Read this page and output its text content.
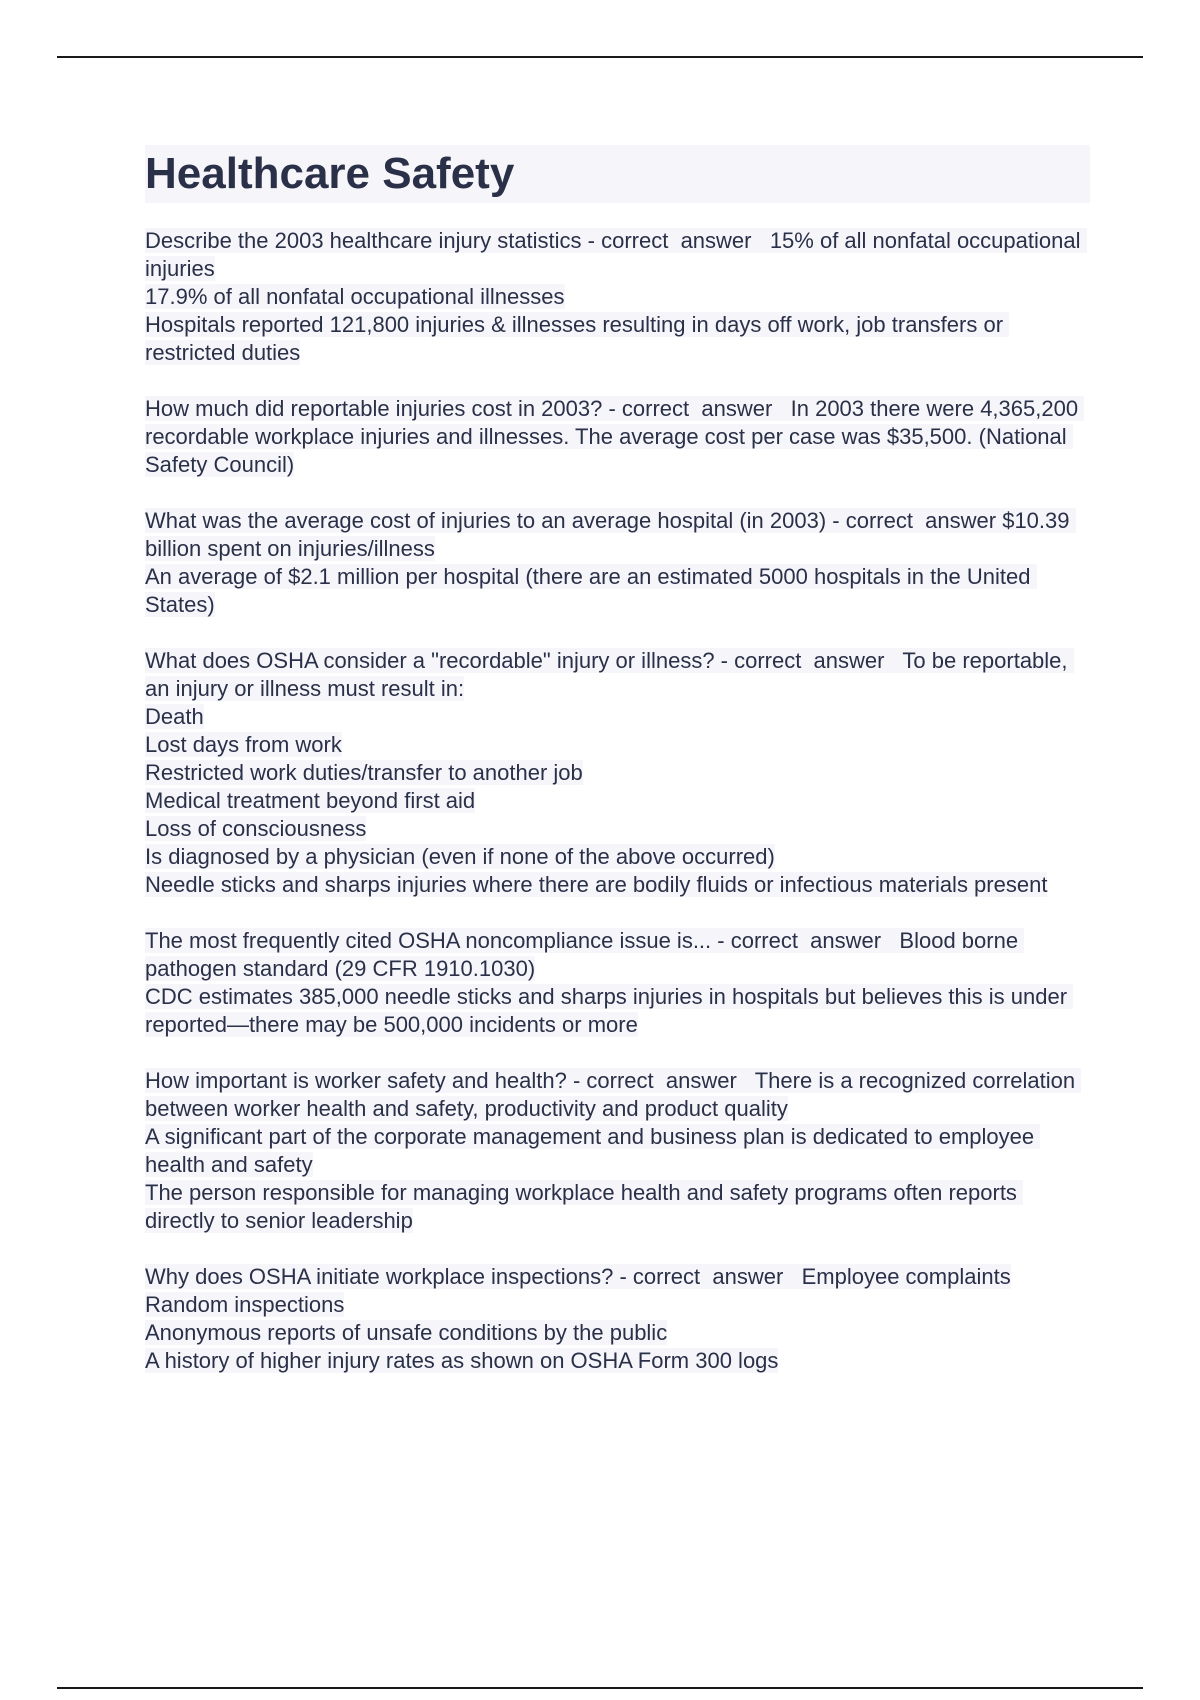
Healthcare Safety

Describe the 2003 healthcare injury statistics - correct  answer   15% of all nonfatal occupational injuries

17.9% of all nonfatal occupational illnesses

Hospitals reported 121,800 injuries & illnesses resulting in days off work, job transfers or restricted duties

How much did reportable injuries cost in 2003? - correct  answer   In 2003 there were 4,365,200 recordable workplace injuries and illnesses. The average cost per case was $35,500. (National Safety Council)

What was the average cost of injuries to an average hospital (in 2003) - correct  answer $10.39 billion spent on injuries/illness

An average of $2.1 million per hospital (there are an estimated 5000 hospitals in the United States)

What does OSHA consider a "recordable" injury or illness? - correct  answer   To be reportable, an injury or illness must result in:

Death

Lost days from work

Restricted work duties/transfer to another job

Medical treatment beyond first aid

Loss of consciousness

Is diagnosed by a physician (even if none of the above occurred)

Needle sticks and sharps injuries where there are bodily fluids or infectious materials present

The most frequently cited OSHA noncompliance issue is... - correct  answer   Blood borne pathogen standard (29 CFR 1910.1030)

CDC estimates 385,000 needle sticks and sharps injuries in hospitals but believes this is under reported—there may be 500,000 incidents or more

How important is worker safety and health? - correct  answer   There is a recognized correlation between worker health and safety, productivity and product quality

A significant part of the corporate management and business plan is dedicated to employee health and safety

The person responsible for managing workplace health and safety programs often reports directly to senior leadership

Why does OSHA initiate workplace inspections? - correct  answer   Employee complaints

Random inspections

Anonymous reports of unsafe conditions by the public

A history of higher injury rates as shown on OSHA Form 300 logs
